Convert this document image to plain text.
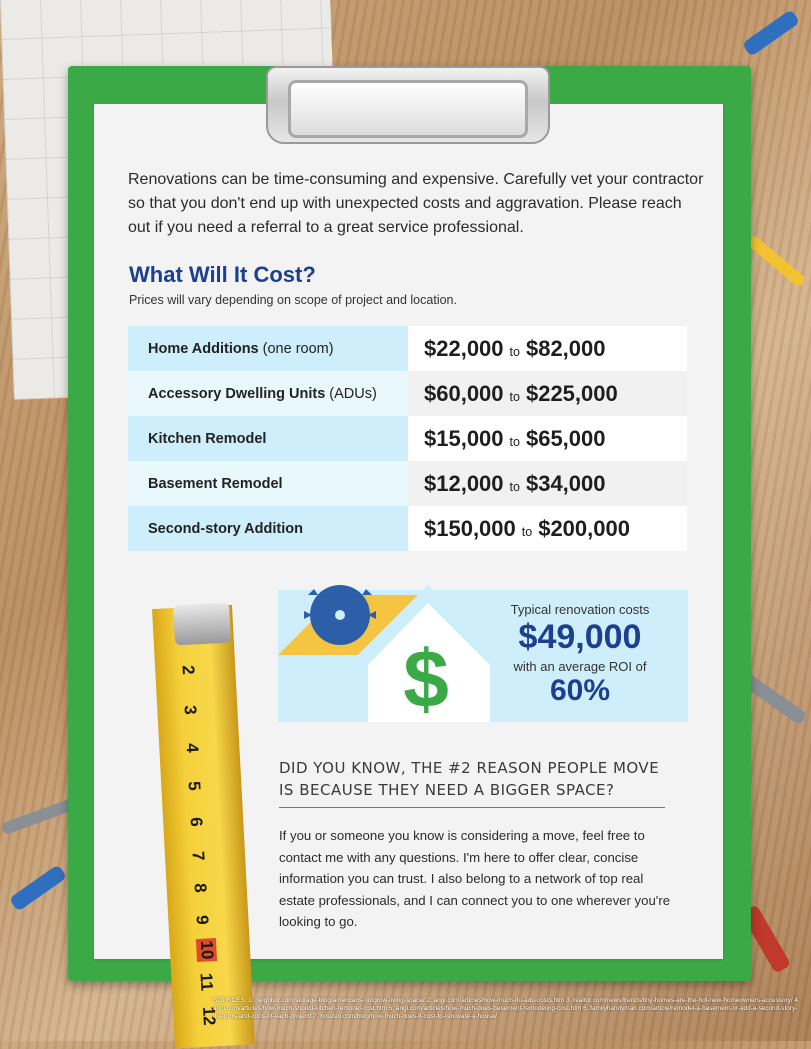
Renovations can be time-consuming and expensive. Carefully vet your contractor so that you don't end up with unexpected costs and aggravation. Please reach out if you need a referral to a great service professional.

What Will It Cost?

Prices will vary depending on scope of project and location.

Home Additions (one room)	$22,000 to $82,000
Accessory Dwelling Units (ADUs) $60,000 to $225,000
Kitchen Remodel	$15,000 to $65,000
Basement Remodel	$12,000 to $34,000
Second-story Addition	$150,000 to $200,000
$

Typical renovation costs

$49,000

with an average ROI of

60%

DID YOU KNOW, THE #2 REASON PEOPLE MOVE IS BECAUSE THEY NEED A BIGGER SPACE?

If you or someone you know is considering a move, feel free to contact me with any questions. I'm here to offer clear, concise information you can trust. I also belong to a network of top real estate professionals, and I can connect you to one wherever you're looking to go.

2
3
4
5
6
7
8
9
10
11
12

SOURCES: 1. neighbor.com/storage-blog/americans-outgrow-living-space/ 2. angi.com/articles/how-much-do-adu-costs.htm 3. realtor.com/news/trends/tiny-homes-are-the-hot-new-homeowners-accessory/ 4. angi.com/articles/how-much-should-kitchen-remodel-cost.htm 5. angi.com/articles/how-much-does-basement-remodeling-cost.htm 6. familyhandyman.com/article/remodel-a-basement-or-add-a-second-story-the-pros-and-cons-of-each-project/ 7. houzeo.com/blog/how-much-does-it-cost-to-renovate-a-house/
